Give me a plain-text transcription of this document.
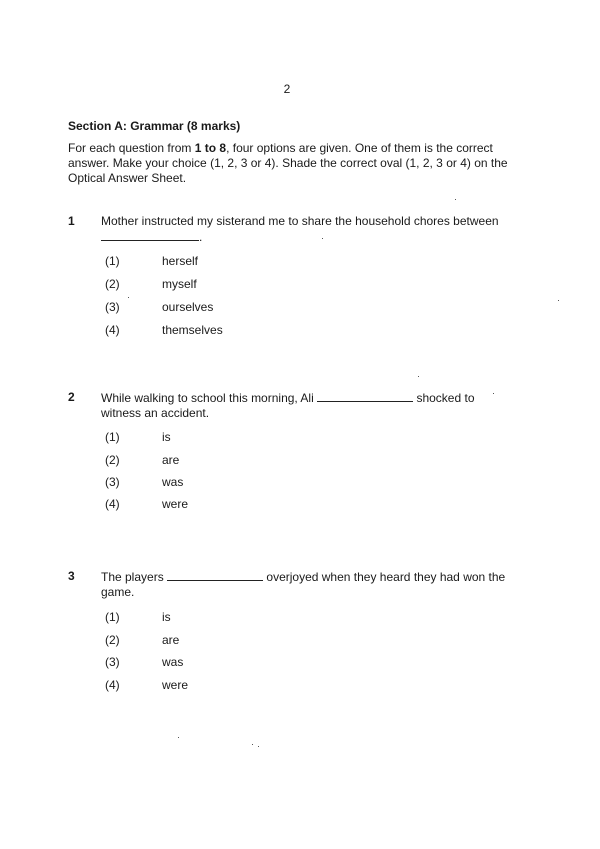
2
Section A: Grammar (8 marks)
For each question from 1 to 8, four options are given. One of them is the correct answer. Make your choice (1, 2, 3 or 4). Shade the correct oval (1, 2, 3 or 4) on the Optical Answer Sheet.
1 Mother instructed my sisterand me to share the household chores between
.
(1)	herself
(2)	myself
(3)	ourselves
(4)	themselves
2 While walking to school this morning, Ali	shocked to witness an accident.
(1)	is
(2)	are
(3)	was
(4)	were
3 The players	overjoyed when they heard they had won the game.
(1)	is
(2)	are
(3)	was
(4)	were
